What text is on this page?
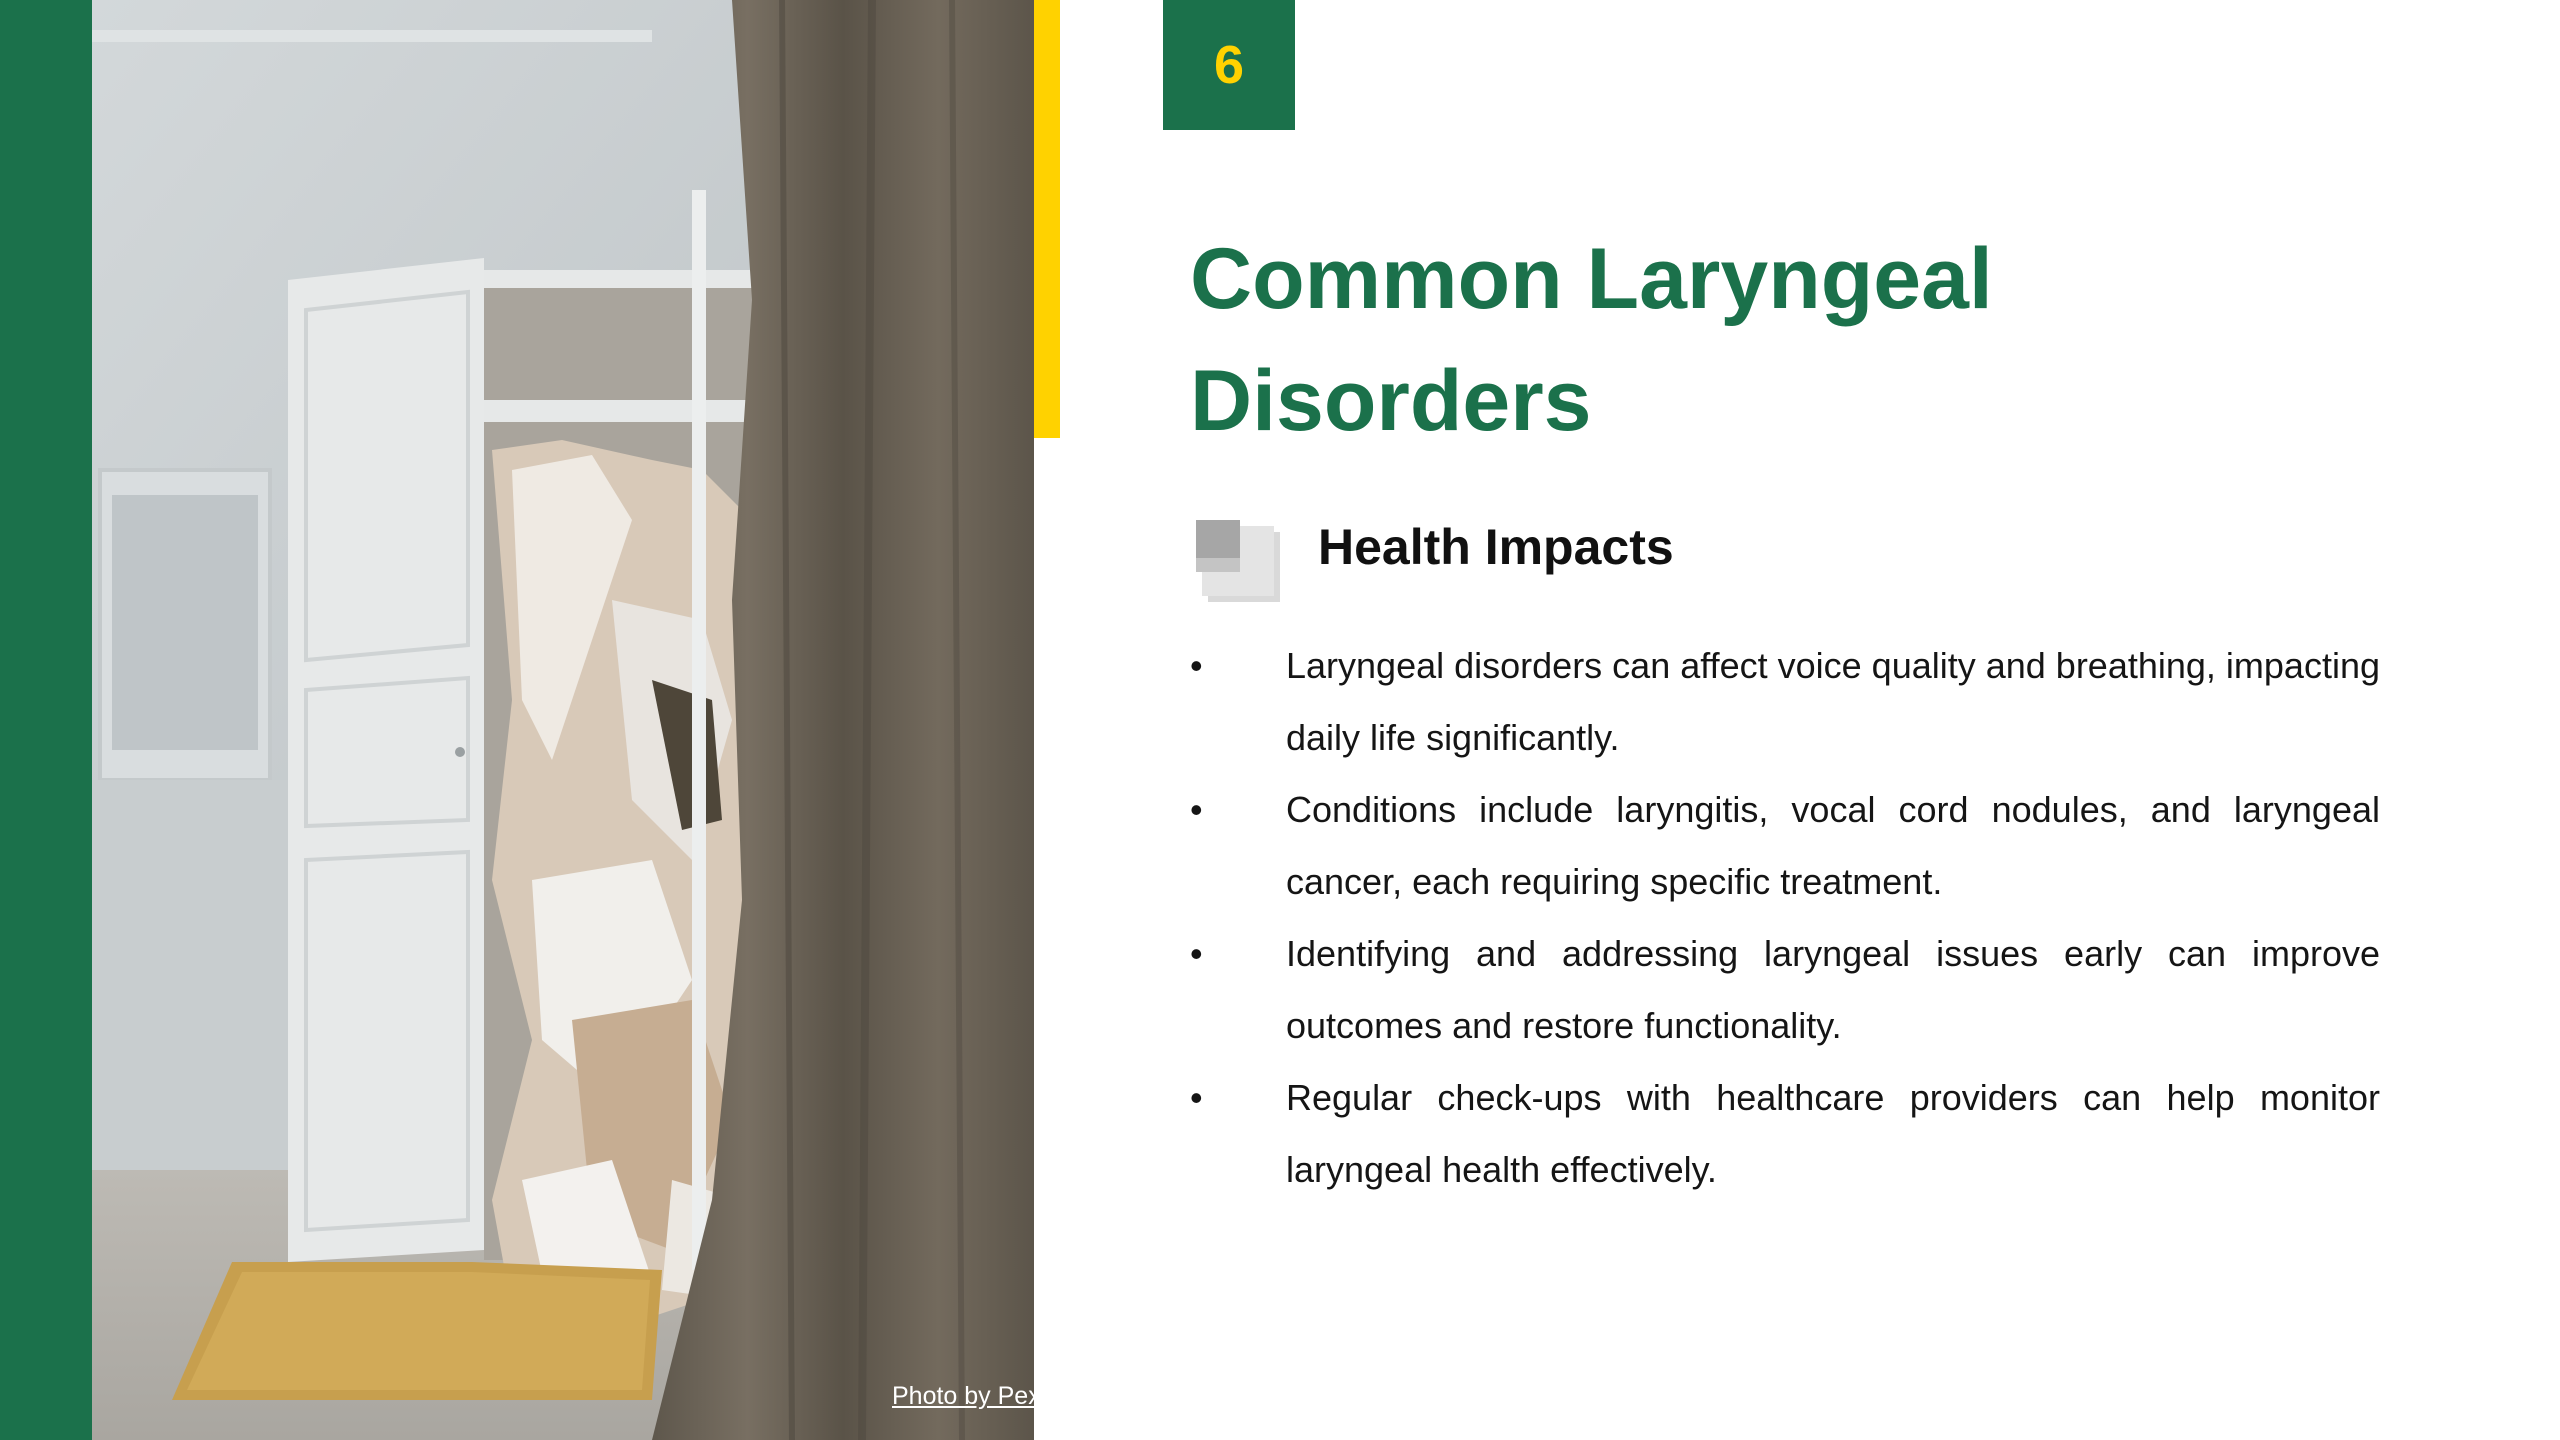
Photo by Pexels
6
Common Laryngeal Disorders
Health Impacts
•	Laryngeal disorders can affect voice quality and breathing, impacting daily life significantly.
•	Conditions include laryngitis, vocal cord nodules, and laryngeal cancer, each requiring specific treatment.
•	Identifying and addressing laryngeal issues early can improve outcomes and restore functionality.
•	Regular check-ups with healthcare providers can help monitor laryngeal health effectively.
